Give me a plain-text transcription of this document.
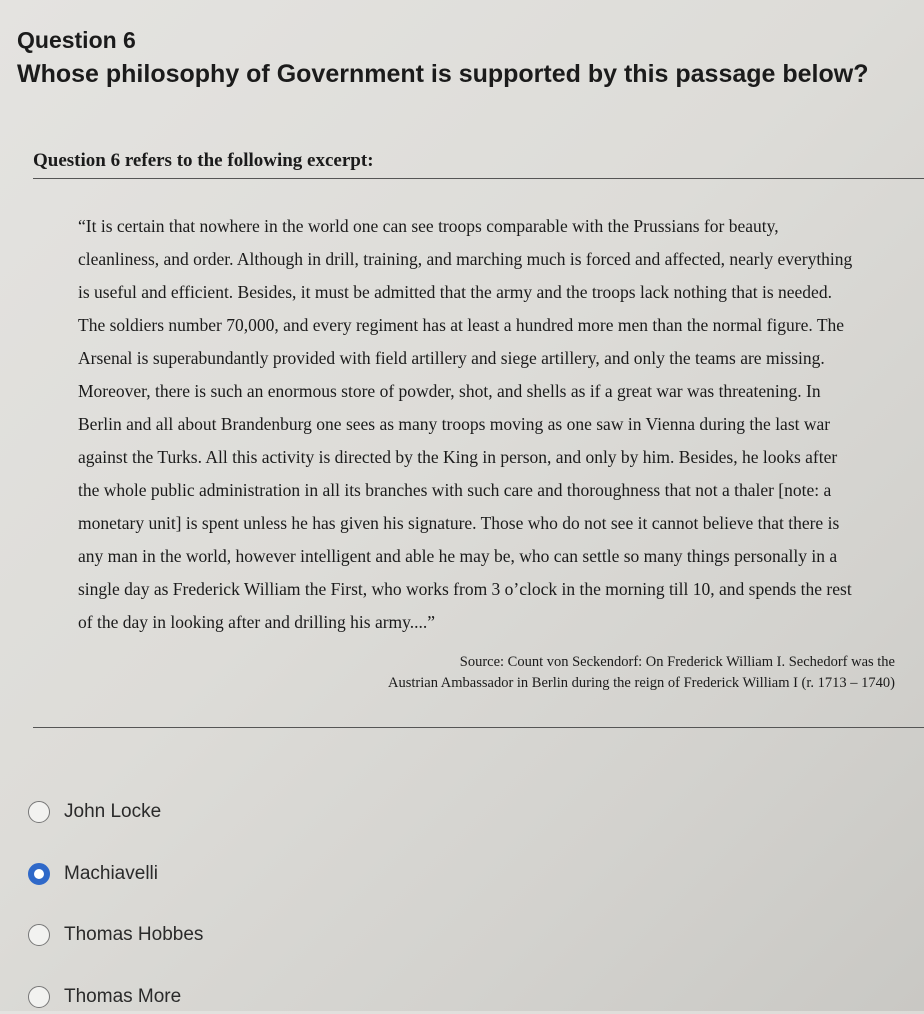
Question 6
Whose philosophy of Government is supported by this passage below?
Question 6 refers to the following excerpt:
“It is certain that nowhere in the world one can see troops comparable with the Prussians for beauty,
cleanliness, and order. Although in drill, training, and marching much is forced and affected, nearly everything
is useful and efficient. Besides, it must be admitted that the army and the troops lack nothing that is needed.
The soldiers number 70,000, and every regiment has at least a hundred more men than the normal figure. The
Arsenal is superabundantly provided with field artillery and siege artillery, and only the teams are missing.
Moreover, there is such an enormous store of powder, shot, and shells as if a great war was threatening. In
Berlin and all about Brandenburg one sees as many troops moving as one saw in Vienna during the last war
against the Turks. All this activity is directed by the King in person, and only by him. Besides, he looks after
the whole public administration in all its branches with such care and thoroughness that not a thaler [note: a
monetary unit] is spent unless he has given his signature. Those who do not see it cannot believe that there is
any man in the world, however intelligent and able he may be, who can settle so many things personally in a
single day as Frederick William the First, who works from 3 o’clock in the morning till 10, and spends the rest
of the day in looking after and drilling his army....”
Source: Count von Seckendorf: On Frederick William I. Sechedorf was the
Austrian Ambassador in Berlin during the reign of Frederick William I (r. 1713 – 1740)
John Locke
Machiavelli
Thomas Hobbes
Thomas More
